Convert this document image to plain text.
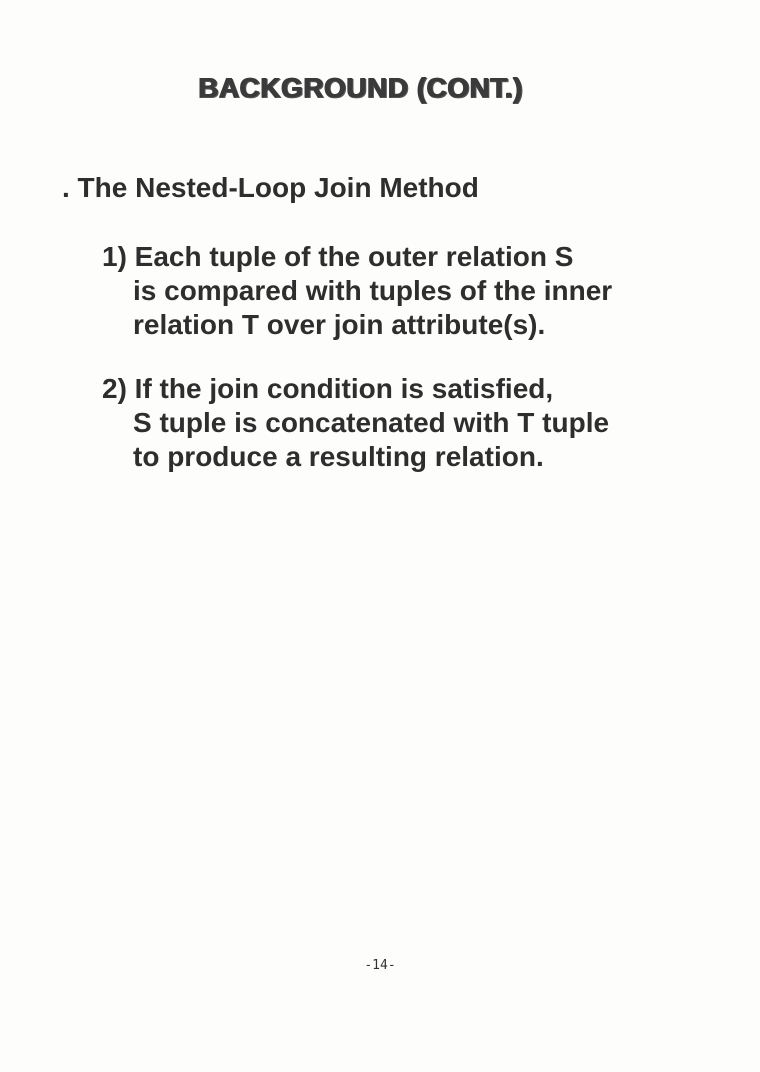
BACKGROUND (CONT.)
. The Nested-Loop Join Method
1) Each tuple of the outer relation S
is compared with tuples of the inner
relation T over join attribute(s).
2) If the join condition is satisfied,
S tuple is concatenated with T tuple
to produce a resulting relation.
-14-
